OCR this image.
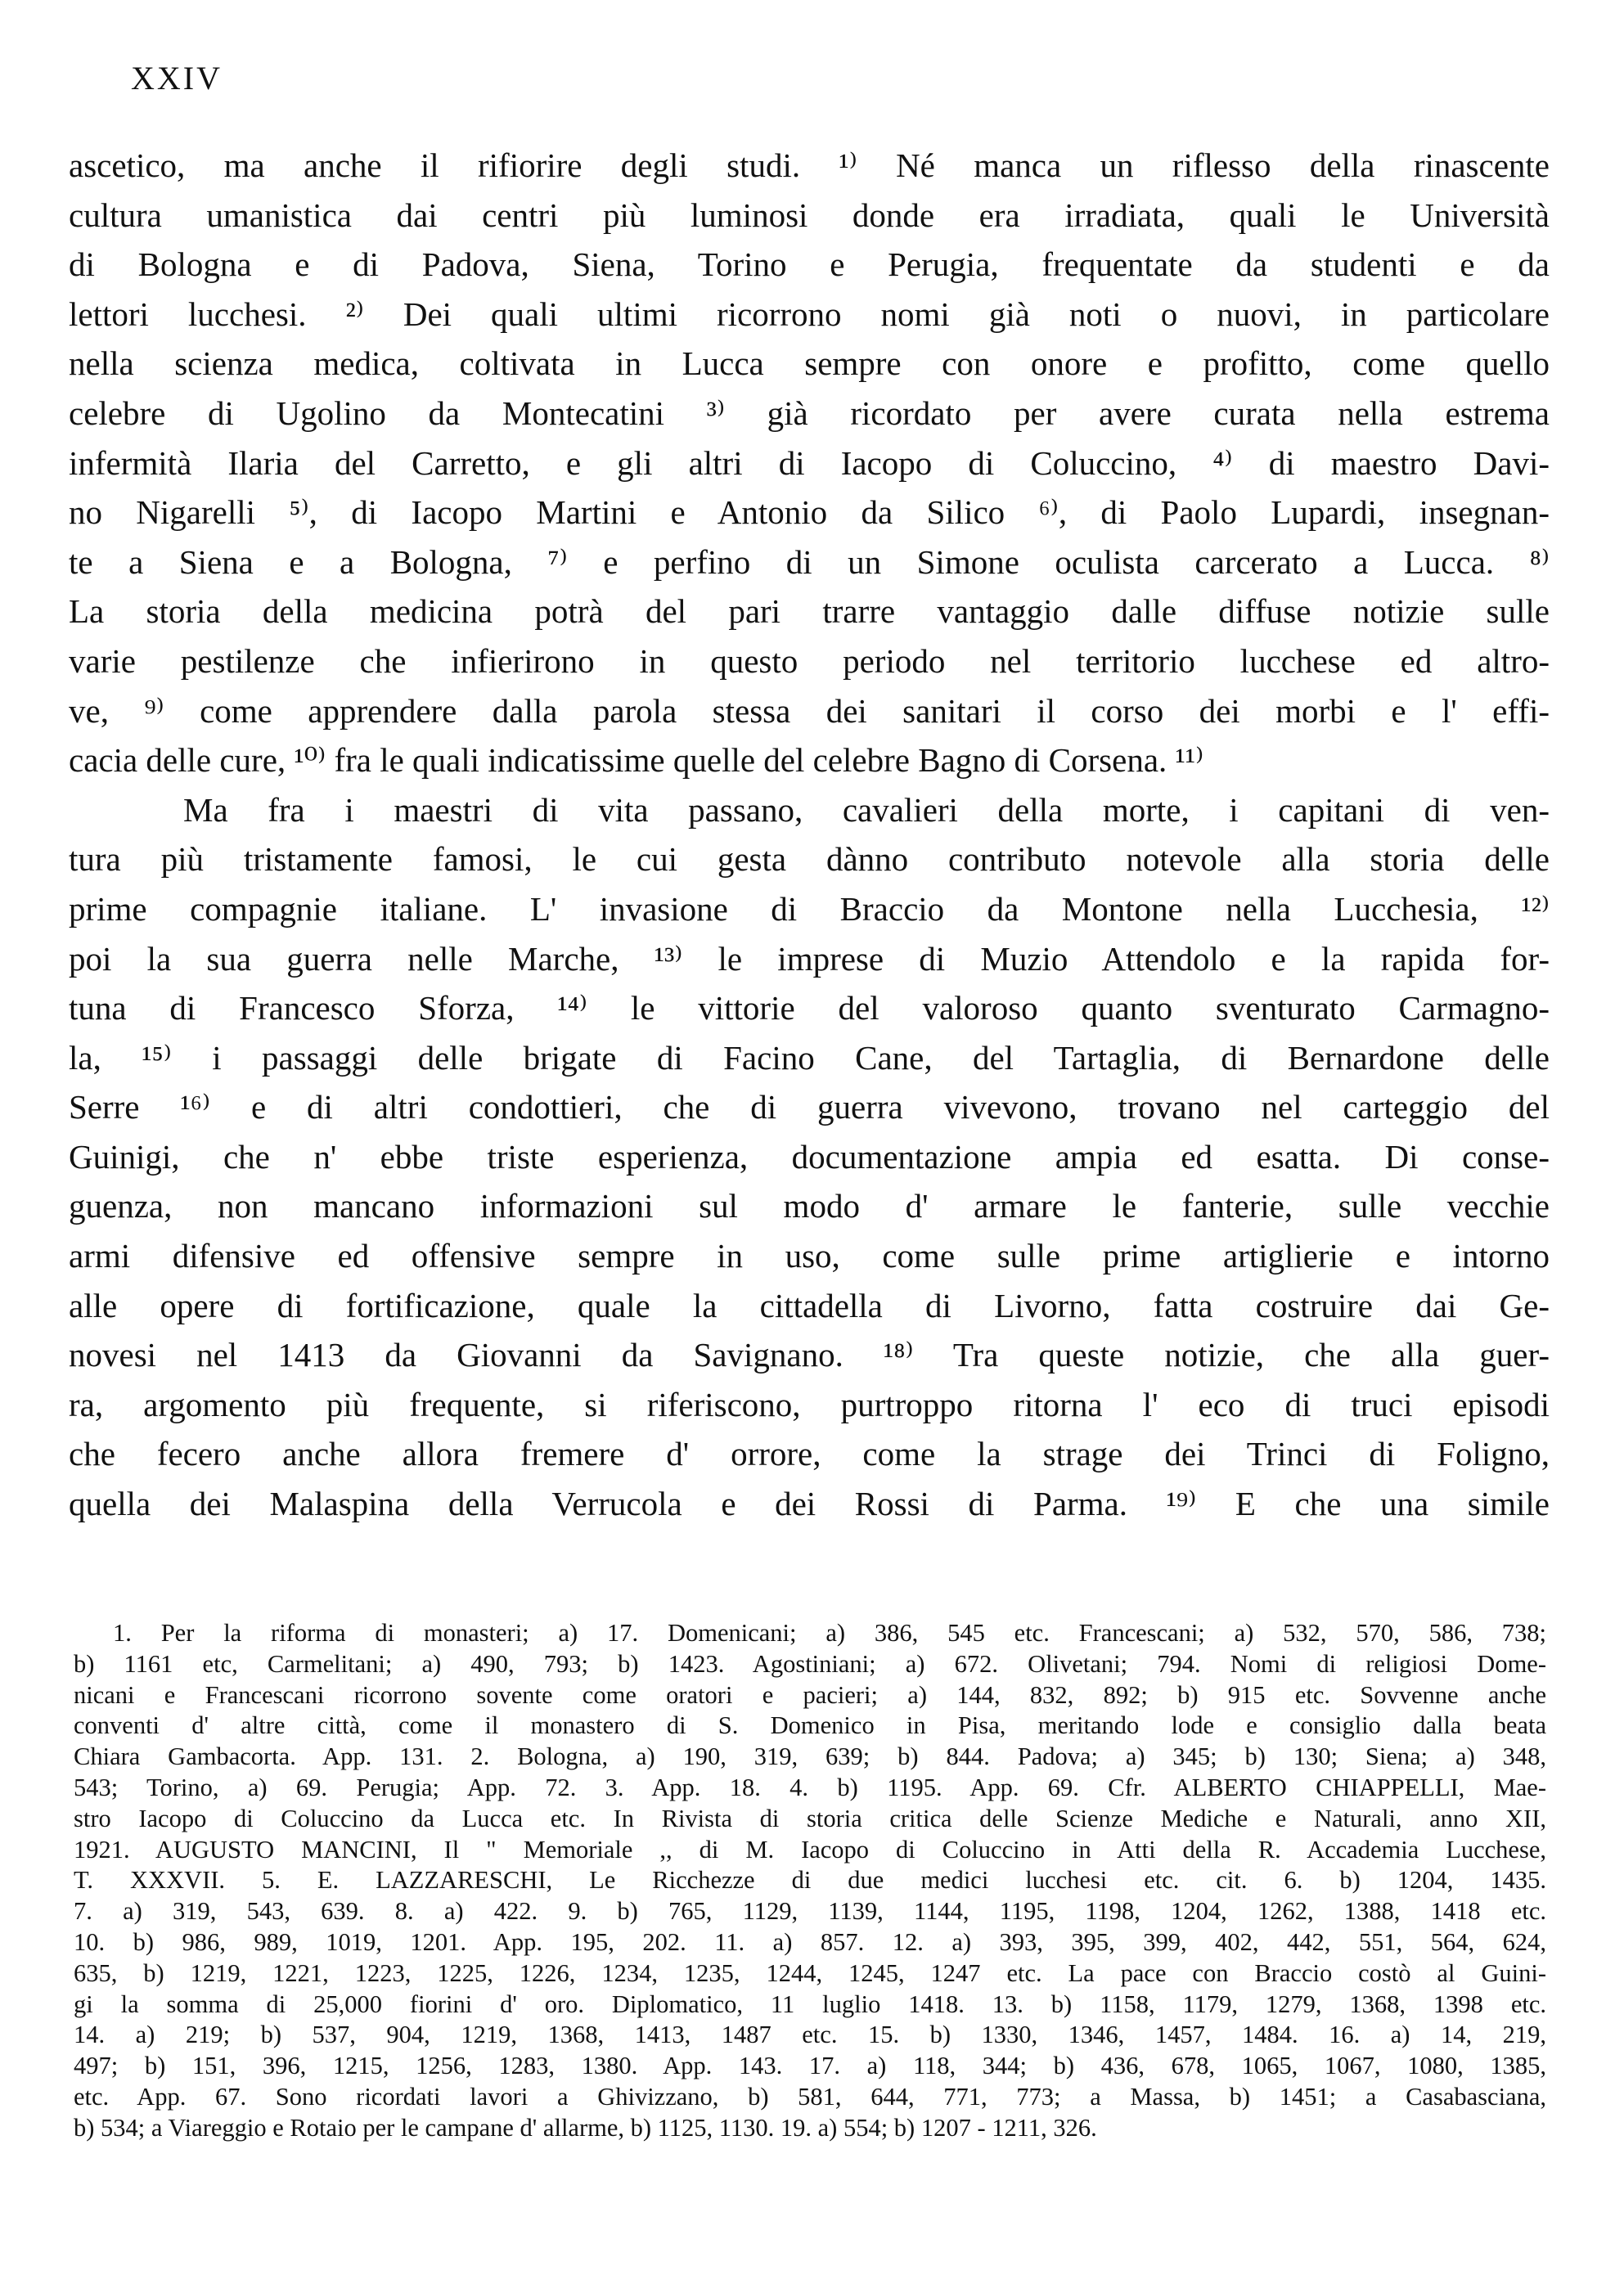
XXIV
ascetico, ma anche il rifiorire degli studi. ¹⁾ Né manca un riflesso della rinascente
cultura umanistica dai centri più luminosi donde era irradiata, quali le Università
di Bologna e di Padova, Siena, Torino e Perugia, frequentate da studenti e da
lettori lucchesi. ²⁾ Dei quali ultimi ricorrono nomi già noti o nuovi, in particolare
nella scienza medica, coltivata in Lucca sempre con onore e profitto, come quello
celebre di Ugolino da Montecatini ³⁾ già ricordato per avere curata nella estrema
infermità Ilaria del Carretto, e gli altri di Iacopo di Coluccino, ⁴⁾ di maestro Davi-
no Nigarelli ⁵⁾, di Iacopo Martini e Antonio da Silico ⁶⁾, di Paolo Lupardi, insegnan-
te a Siena e a Bologna, ⁷⁾ e perfino di un Simone oculista carcerato a Lucca. ⁸⁾
La storia della medicina potrà del pari trarre vantaggio dalle diffuse notizie sulle
varie pestilenze che infierirono in questo periodo nel territorio lucchese ed altro-
ve, ⁹⁾ come apprendere dalla parola stessa dei sanitari il corso dei morbi e l' effi-
cacia delle cure, ¹⁰⁾ fra le quali indicatissime quelle del celebre Bagno di Corsena. ¹¹⁾
Ma fra i maestri di vita passano, cavalieri della morte, i capitani di ven-
tura più tristamente famosi, le cui gesta dànno contributo notevole alla storia delle
prime compagnie italiane. L' invasione di Braccio da Montone nella Lucchesia, ¹²⁾
poi la sua guerra nelle Marche, ¹³⁾ le imprese di Muzio Attendolo e la rapida for-
tuna di Francesco Sforza, ¹⁴⁾ le vittorie del valoroso quanto sventurato Carmagno-
la, ¹⁵⁾ i passaggi delle brigate di Facino Cane, del Tartaglia, di Bernardone delle
Serre ¹⁶⁾ e di altri condottieri, che di guerra vivevono, trovano nel carteggio del
Guinigi, che n' ebbe triste esperienza, documentazione ampia ed esatta. Di conse-
guenza, non mancano informazioni sul modo d' armare le fanterie, sulle vecchie
armi difensive ed offensive sempre in uso, come sulle prime artiglierie e intorno
alle opere di fortificazione, quale la cittadella di Livorno, fatta costruire dai Ge-
novesi nel 1413 da Giovanni da Savignano. ¹⁸⁾ Tra queste notizie, che alla guer-
ra, argomento più frequente, si riferiscono, purtroppo ritorna l' eco di truci episodi
che fecero anche allora fremere d' orrore, come la strage dei Trinci di Foligno,
quella dei Malaspina della Verrucola e dei Rossi di Parma. ¹⁹⁾ E che una simile
1. Per la riforma di monasteri; a) 17. Domenicani; a) 386, 545 etc. Francescani; a) 532, 570, 586, 738;
b) 1161 etc, Carmelitani; a) 490, 793; b) 1423. Agostiniani; a) 672. Olivetani; 794. Nomi di religiosi Dome-
nicani e Francescani ricorrono sovente come oratori e pacieri; a) 144, 832, 892; b) 915 etc. Sovvenne anche
conventi d' altre città, come il monastero di S. Domenico in Pisa, meritando lode e consiglio dalla beata
Chiara Gambacorta. App. 131. 2. Bologna, a) 190, 319, 639; b) 844. Padova; a) 345; b) 130; Siena; a) 348,
543; Torino, a) 69. Perugia; App. 72. 3. App. 18. 4. b) 1195. App. 69. Cfr. ALBERTO CHIAPPELLI, Mae-
stro Iacopo di Coluccino da Lucca etc. In Rivista di storia critica delle Scienze Mediche e Naturali, anno XII,
1921. AUGUSTO MANCINI, Il " Memoriale ,, di M. Iacopo di Coluccino in Atti della R. Accademia Lucchese,
T. XXXVII. 5. E. LAZZARESCHI, Le Ricchezze di due medici lucchesi etc. cit. 6. b) 1204, 1435.
7. a) 319, 543, 639. 8. a) 422. 9. b) 765, 1129, 1139, 1144, 1195, 1198, 1204, 1262, 1388, 1418 etc.
10. b) 986, 989, 1019, 1201. App. 195, 202. 11. a) 857. 12. a) 393, 395, 399, 402, 442, 551, 564, 624,
635, b) 1219, 1221, 1223, 1225, 1226, 1234, 1235, 1244, 1245, 1247 etc. La pace con Braccio costò al Guini-
gi la somma di 25,000 fiorini d' oro. Diplomatico, 11 luglio 1418. 13. b) 1158, 1179, 1279, 1368, 1398 etc.
14. a) 219; b) 537, 904, 1219, 1368, 1413, 1487 etc. 15. b) 1330, 1346, 1457, 1484. 16. a) 14, 219,
497; b) 151, 396, 1215, 1256, 1283, 1380. App. 143. 17. a) 118, 344; b) 436, 678, 1065, 1067, 1080, 1385,
etc. App. 67. Sono ricordati lavori a Ghivizzano, b) 581, 644, 771, 773; a Massa, b) 1451; a Casabasciana,
b) 534; a Viareggio e Rotaio per le campane d' allarme, b) 1125, 1130. 19. a) 554; b) 1207 - 1211, 326.
